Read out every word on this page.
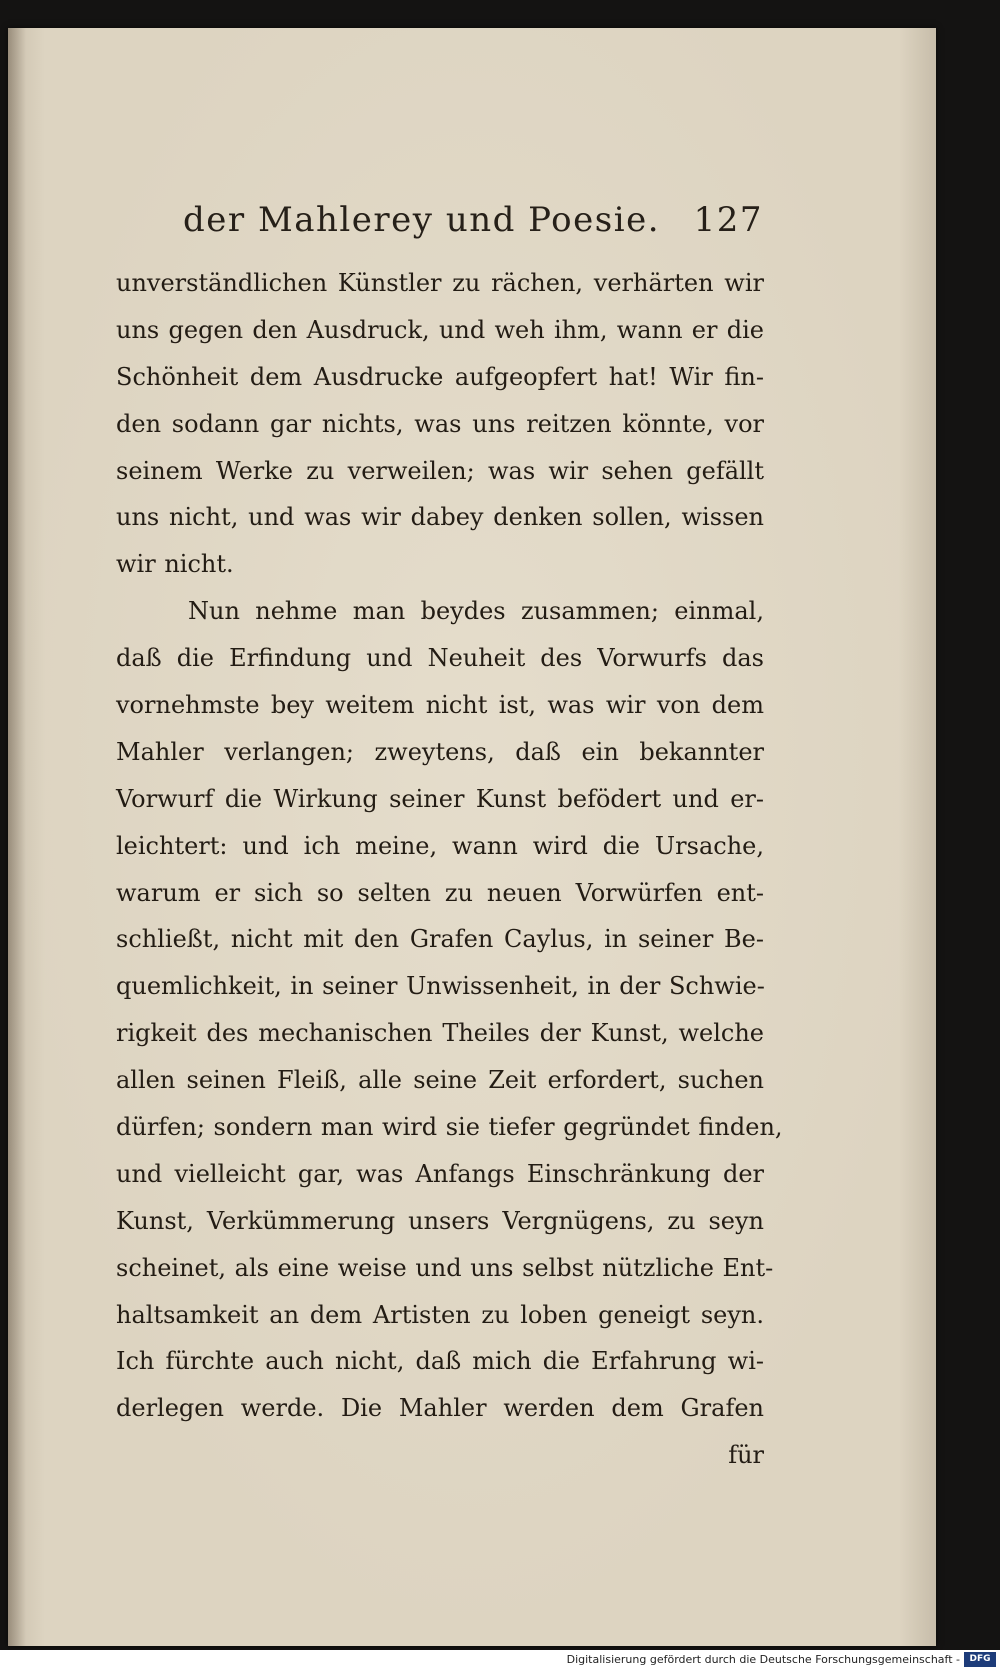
der Mahlerey und Poesie. 127
unverständlichen Künstler zu rächen, verhärten wir
uns gegen den Ausdruck, und weh ihm, wann er die
Schönheit dem Ausdrucke aufgeopfert hat! Wir fin-
den sodann gar nichts, was uns reitzen könnte, vor
seinem Werke zu verweilen; was wir sehen gefällt
uns nicht, und was wir dabey denken sollen, wissen
wir nicht.
Nun nehme man beydes zusammen; einmal,
daß die Erfindung und Neuheit des Vorwurfs das
vornehmste bey weitem nicht ist, was wir von dem
Mahler verlangen; zweytens, daß ein bekannter
Vorwurf die Wirkung seiner Kunst befödert und er-
leichtert: und ich meine, wann wird die Ursache,
warum er sich so selten zu neuen Vorwürfen ent-
schließt, nicht mit den Grafen Caylus, in seiner Be-
quemlichkeit, in seiner Unwissenheit, in der Schwie-
rigkeit des mechanischen Theiles der Kunst, welche
allen seinen Fleiß, alle seine Zeit erfordert, suchen
dürfen; sondern man wird sie tiefer gegründet finden,
und vielleicht gar, was Anfangs Einschränkung der
Kunst, Verkümmerung unsers Vergnügens, zu seyn
scheinet, als eine weise und uns selbst nützliche Ent-
haltsamkeit an dem Artisten zu loben geneigt seyn.
Ich fürchte auch nicht, daß mich die Erfahrung wi-
derlegen werde. Die Mahler werden dem Grafen
für
Digitalisierung gefördert durch die Deutsche Forschungsgemeinschaft -	DFG
